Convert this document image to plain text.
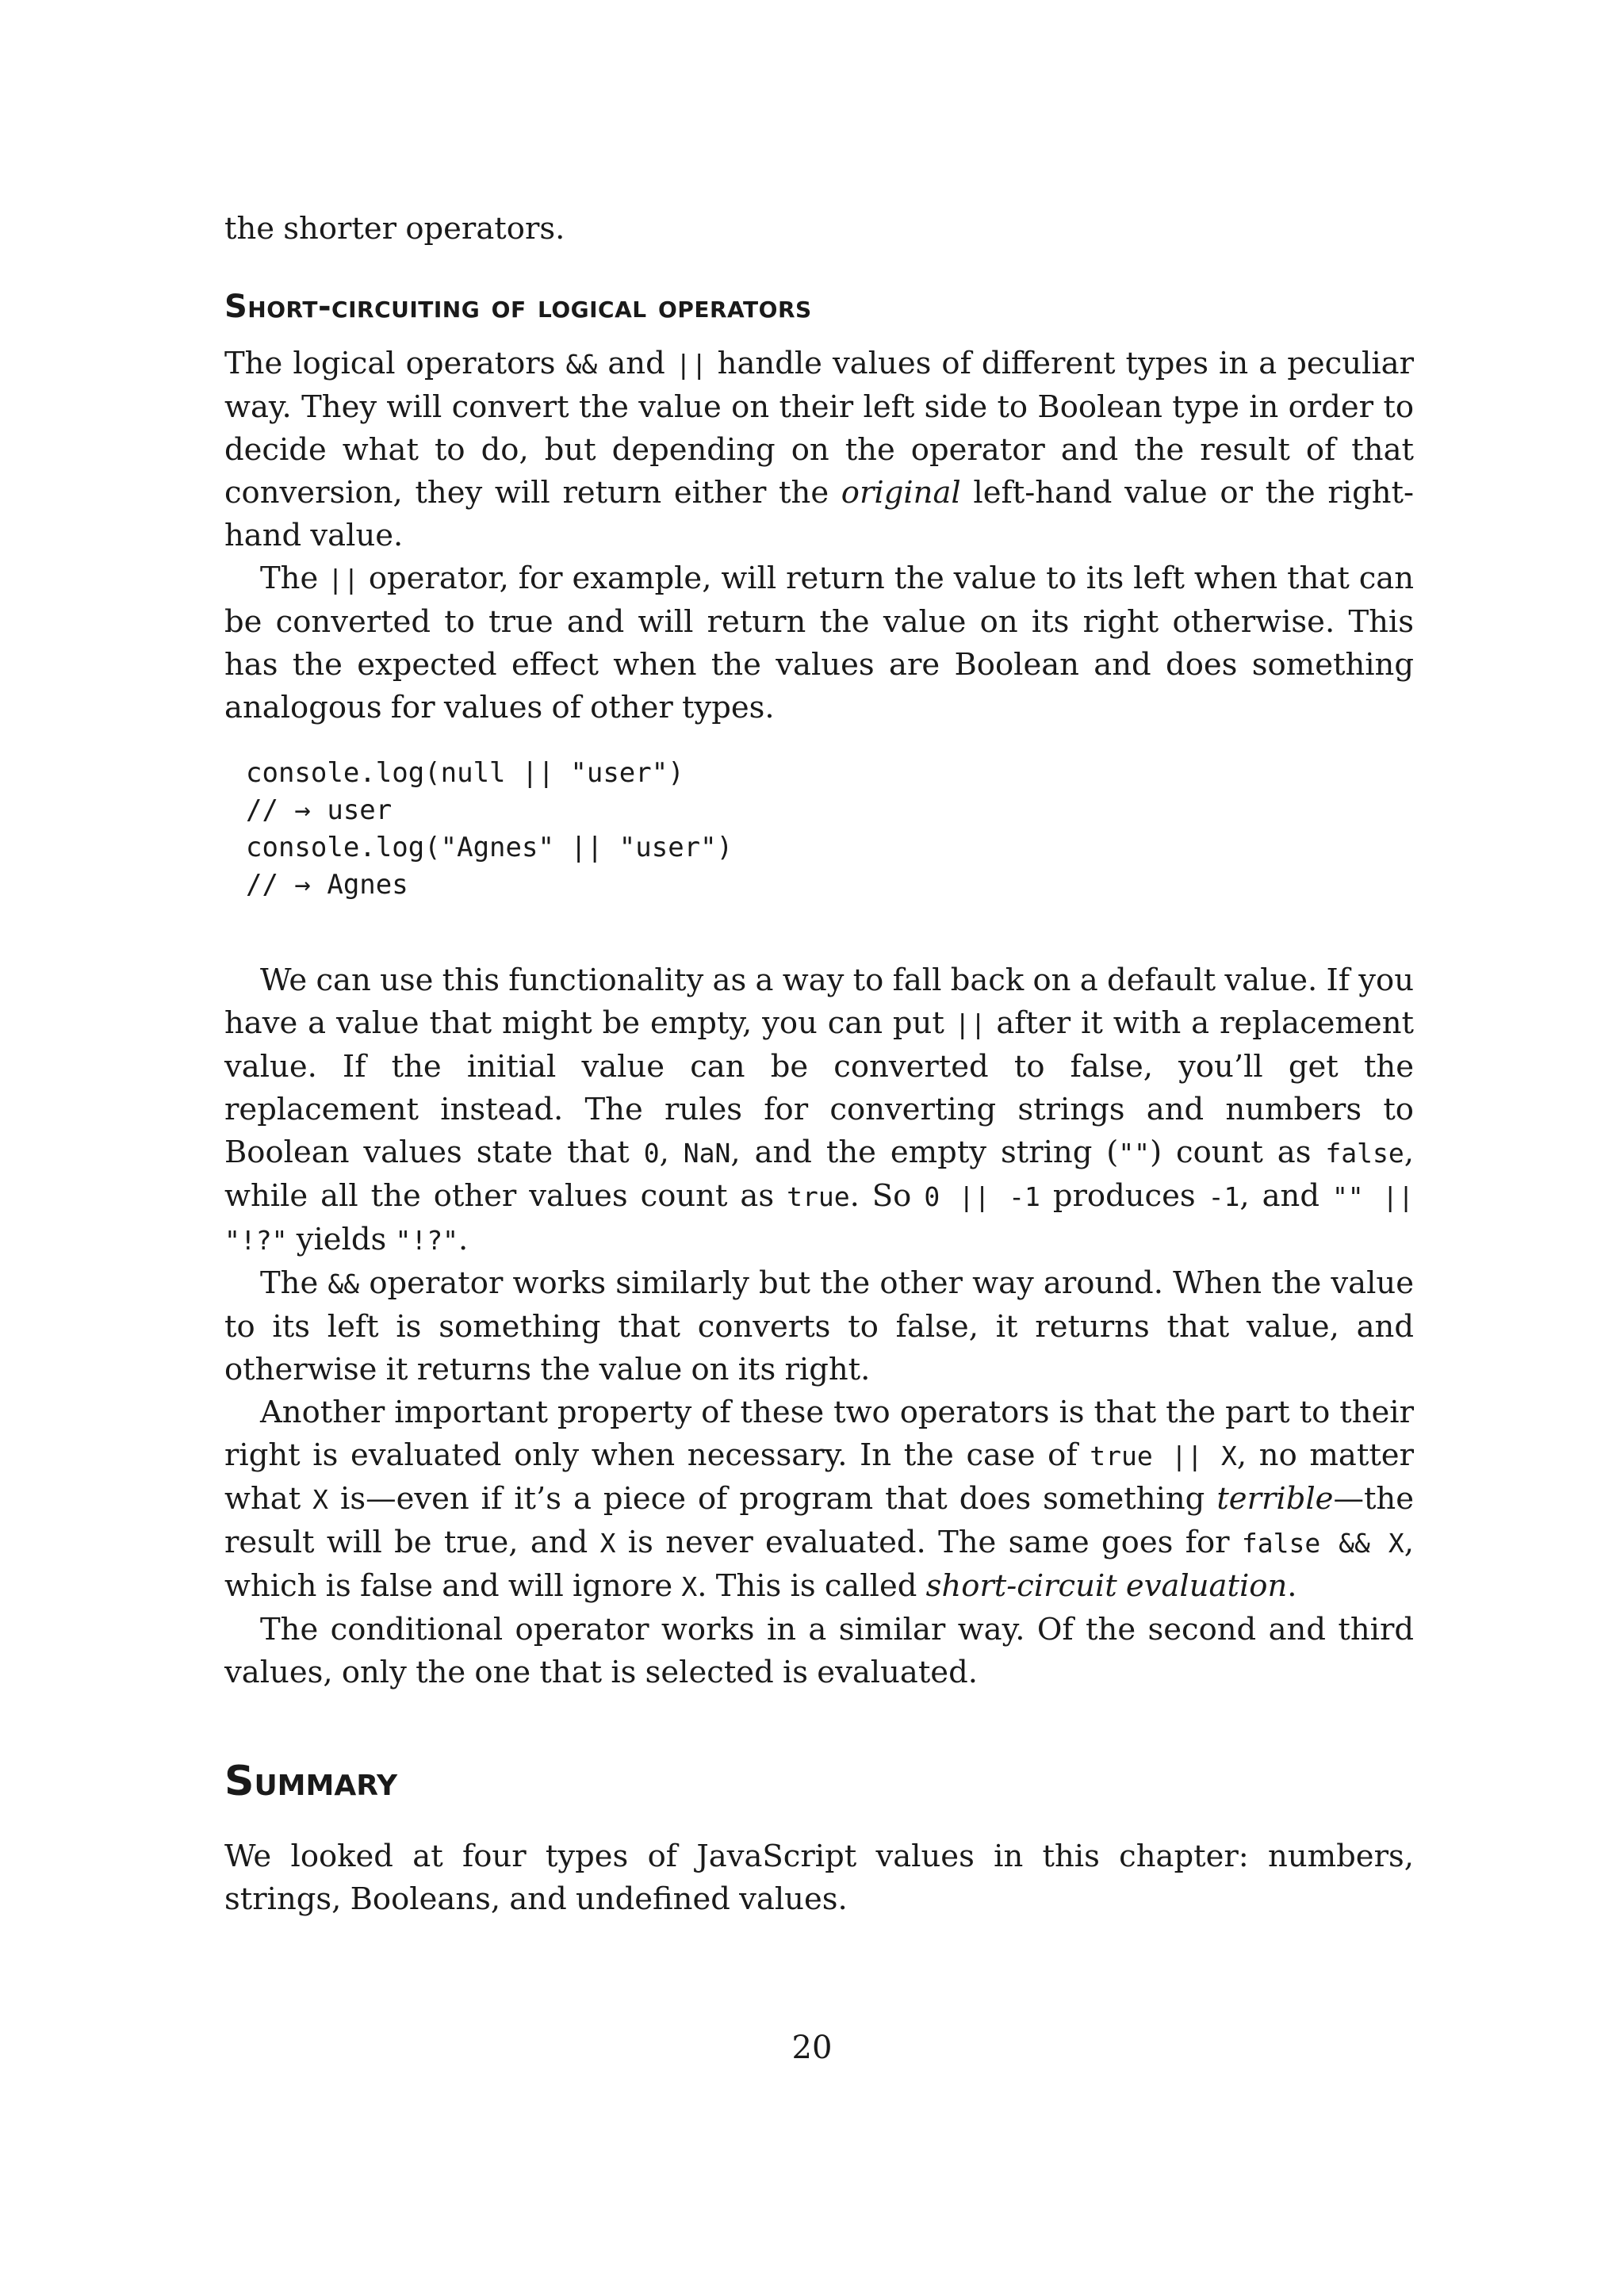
the shorter operators.

Short-circuiting of logical operators

The logical operators && and || handle values of different types in a peculiar way. They will convert the value on their left side to Boolean type in order to decide what to do, but depending on the operator and the result of that conversion, they will return either the original left-hand value or the right-hand value.

The || operator, for example, will return the value to its left when that can be converted to true and will return the value on its right otherwise. This has the expected effect when the values are Boolean and does something analogous for values of other types.

console.log(null || "user")
// → user
console.log("Agnes" || "user")
// → Agnes

We can use this functionality as a way to fall back on a default value. If you have a value that might be empty, you can put || after it with a replacement value. If the initial value can be converted to false, you’ll get the replacement instead. The rules for converting strings and numbers to Boolean values state that 0, NaN, and the empty string ("") count as false, while all the other values count as true. So 0 || -1 produces -1, and "" || "!?" yields "!?".

The && operator works similarly but the other way around. When the value to its left is something that converts to false, it returns that value, and otherwise it returns the value on its right.

Another important property of these two operators is that the part to their right is evaluated only when necessary. In the case of true || X, no matter what X is—even if it’s a piece of program that does something terrible—the result will be true, and X is never evaluated. The same goes for false && X, which is false and will ignore X. This is called short-circuit evaluation.

The conditional operator works in a similar way. Of the second and third values, only the one that is selected is evaluated.

Summary

We looked at four types of JavaScript values in this chapter: numbers, strings, Booleans, and undefined values.

20
